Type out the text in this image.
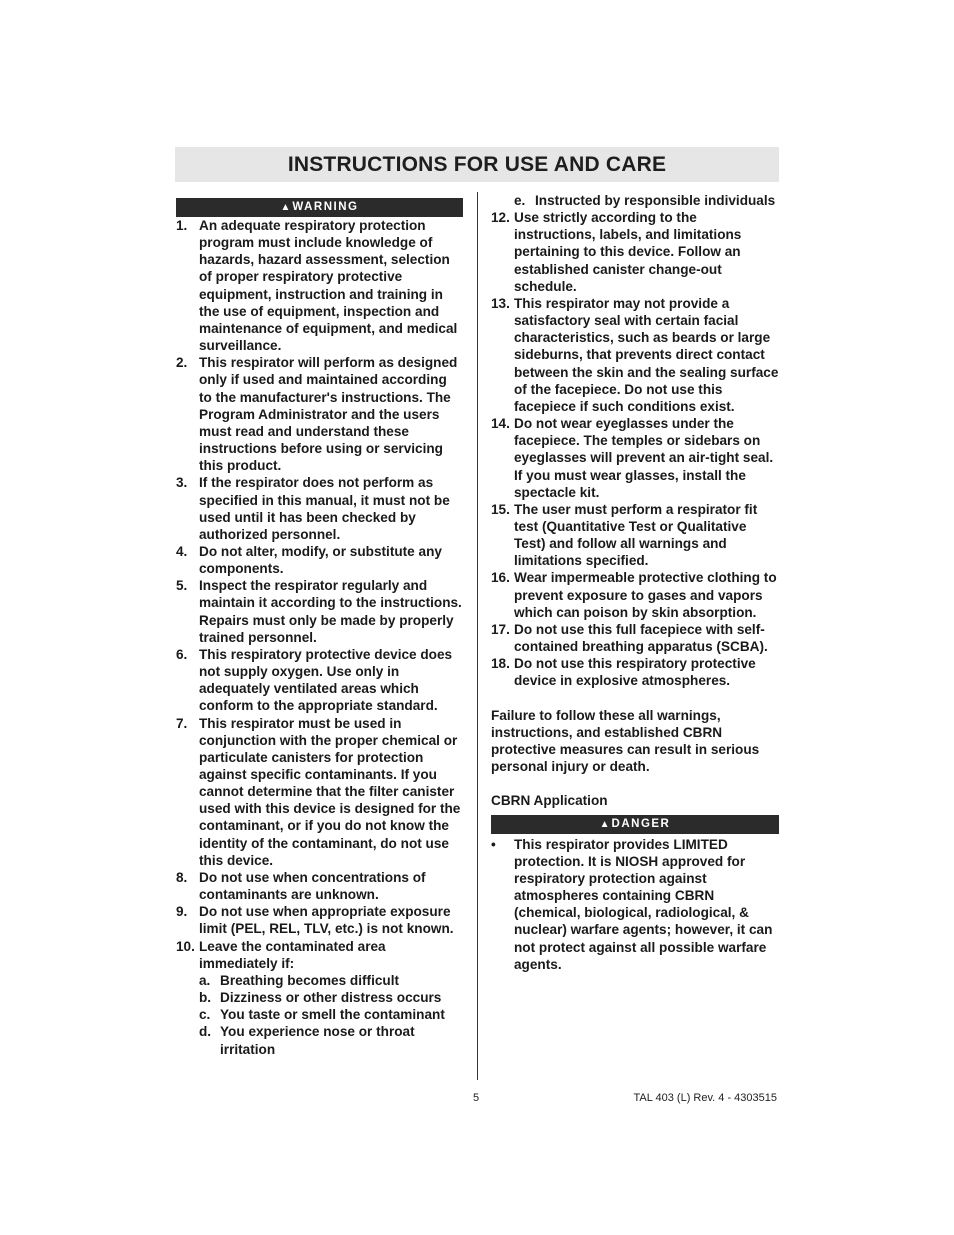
INSTRUCTIONS FOR USE AND CARE
▲ WARNING
1. An adequate respiratory protection program must include knowledge of hazards, hazard assessment, selection of proper respiratory protective equipment, instruction and training in the use of equipment, inspection and maintenance of equipment, and medical surveillance.
2. This respirator will perform as designed only if used and maintained according to the manufacturer's instructions. The Program Administrator and the users must read and understand these instructions before using or servicing this product.
3. If the respirator does not perform as specified in this manual, it must not be used until it has been checked by authorized personnel.
4. Do not alter, modify, or substitute any components.
5. Inspect the respirator regularly and maintain it according to the instructions. Repairs must only be made by properly trained personnel.
6. This respiratory protective device does not supply oxygen. Use only in adequately ventilated areas which conform to the appropriate standard.
7. This respirator must be used in conjunction with the proper chemical or particulate canisters for protection against specific contaminants. If you cannot determine that the filter canister used with this device is designed for the contaminant, or if you do not know the identity of the contaminant, do not use this device.
8. Do not use when concentrations of contaminants are unknown.
9. Do not use when appropriate exposure limit (PEL, REL, TLV, etc.) is not known.
10. Leave the contaminated area immediately if:
a. Breathing becomes difficult
b. Dizziness or other distress occurs
c. You taste or smell the contaminant
d. You experience nose or throat irritation
e. Instructed by responsible individuals
12. Use strictly according to the instructions, labels, and limitations pertaining to this device. Follow an established canister change-out schedule.
13. This respirator may not provide a satisfactory seal with certain facial characteristics, such as beards or large sideburns, that prevents direct contact between the skin and the sealing surface of the facepiece. Do not use this facepiece if such conditions exist.
14. Do not wear eyeglasses under the facepiece. The temples or sidebars on eyeglasses will prevent an air-tight seal. If you must wear glasses, install the spectacle kit.
15. The user must perform a respirator fit test (Quantitative Test or Qualitative Test) and follow all warnings and limitations specified.
16. Wear impermeable protective clothing to prevent exposure to gases and vapors which can poison by skin absorption.
17. Do not use this full facepiece with self-contained breathing apparatus (SCBA).
18. Do not use this respiratory protective device in explosive atmospheres.

Failure to follow these all warnings, instructions, and established CBRN protective measures can result in serious personal injury or death.

CBRN Application

▲ DANGER
•	This respirator provides LIMITED protection. It is NIOSH approved for respiratory protection against atmospheres containing CBRN (chemical, biological, radiological, & nuclear) warfare agents; however, it can not protect against all possible warfare agents.
5	TAL 403 (L) Rev. 4 - 4303515
